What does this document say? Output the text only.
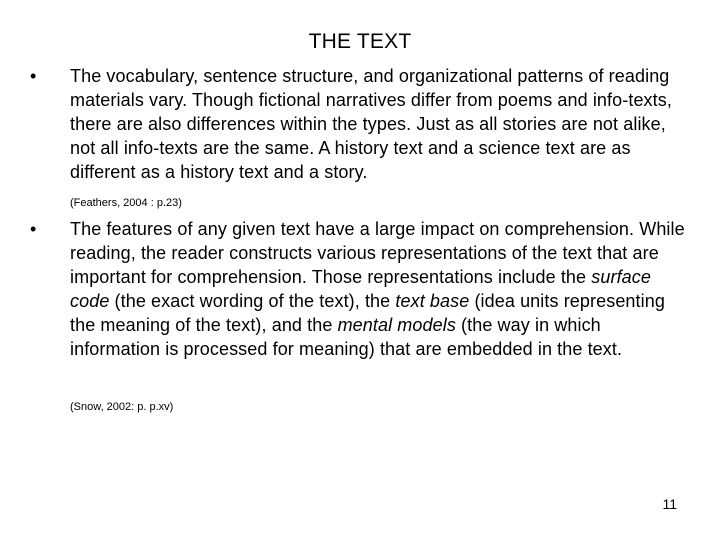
THE TEXT
• The vocabulary, sentence structure, and organizational patterns of reading materials vary. Though fictional narratives differ from poems and info-texts, there are also differences within the types. Just as all stories are not alike, not all info-texts are the same. A history text and a science text are as different as a history text and a story.
(Feathers, 2004 : p.23)
• The features of any given text have a large impact on comprehension. While reading, the reader constructs various representations of the text that are important for comprehension. Those representations include the surface code (the exact wording of the text), the text base (idea units representing the meaning of the text), and the mental models (the way in which information is processed for meaning) that are embedded in the text.
(Snow, 2002: p. p.xv)
11
